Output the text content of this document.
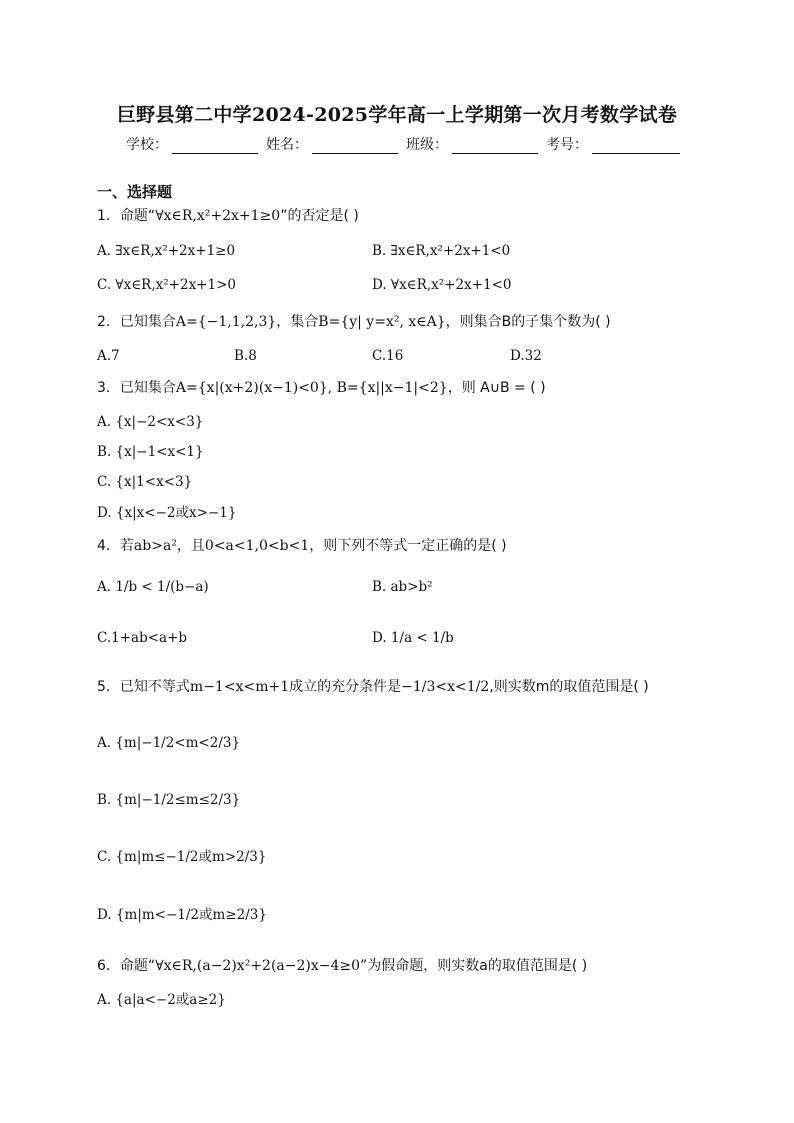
巨野县第二中学2024-2025学年高一上学期第一次月考数学试卷
学校：	姓名：	班级：	考号：
一、选择题
1．命题“∀x∈R,x²+2x+1≥0”的否定是( )
A. ∃x∈R,x²+2x+1≥0	B. ∃x∈R,x²+2x+1<0
C. ∀x∈R,x²+2x+1>0	D. ∀x∈R,x²+2x+1<0
2．已知集合A={−1,1,2,3}，集合B={y| y=x², x∈A}，则集合B的子集个数为( )
A.7	B.8	C.16	D.32
3．已知集合A={x|(x+2)(x−1)<0}, B={x||x−1|<2}，则 A∪B = ( )
A. {x|−2<x<3}
B. {x|−1<x<1}
C. {x|1<x<3}
D. {x|x<−2或x>−1}
4．若ab>a²，且0<a<1,0<b<1，则下列不等式一定正确的是( )
A. 1/b < 1/(b−a)	B. ab>b²
C.1+ab<a+b	D. 1/a < 1/b
5．已知不等式m−1<x<m+1成立的充分条件是−1/3<x<1/2,则实数m的取值范围是( )
A. {m|−1/2<m<2/3}
B. {m|−1/2≤m≤2/3}
C. {m|m≤−1/2或m>2/3}
D. {m|m<−1/2或m≥2/3}
6．命题“∀x∈R,(a−2)x²+2(a−2)x−4≥0”为假命题，则实数a的取值范围是( )
A. {a|a<−2或a≥2}
